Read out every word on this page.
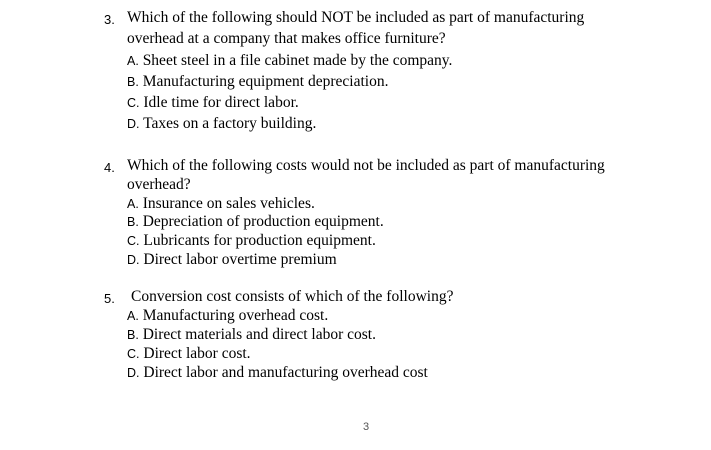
3. Which of the following should NOT be included as part of manufacturing
overhead at a company that makes office furniture?
A. Sheet steel in a file cabinet made by the company.
B. Manufacturing equipment depreciation.
C. Idle time for direct labor.
D. Taxes on a factory building.
4. Which of the following costs would not be included as part of manufacturing
overhead?
A. Insurance on sales vehicles.
B. Depreciation of production equipment.
C. Lubricants for production equipment.
D. Direct labor overtime premium
5. Conversion cost consists of which of the following?
A. Manufacturing overhead cost.
B. Direct materials and direct labor cost.
C. Direct labor cost.
D. Direct labor and manufacturing overhead cost
3
